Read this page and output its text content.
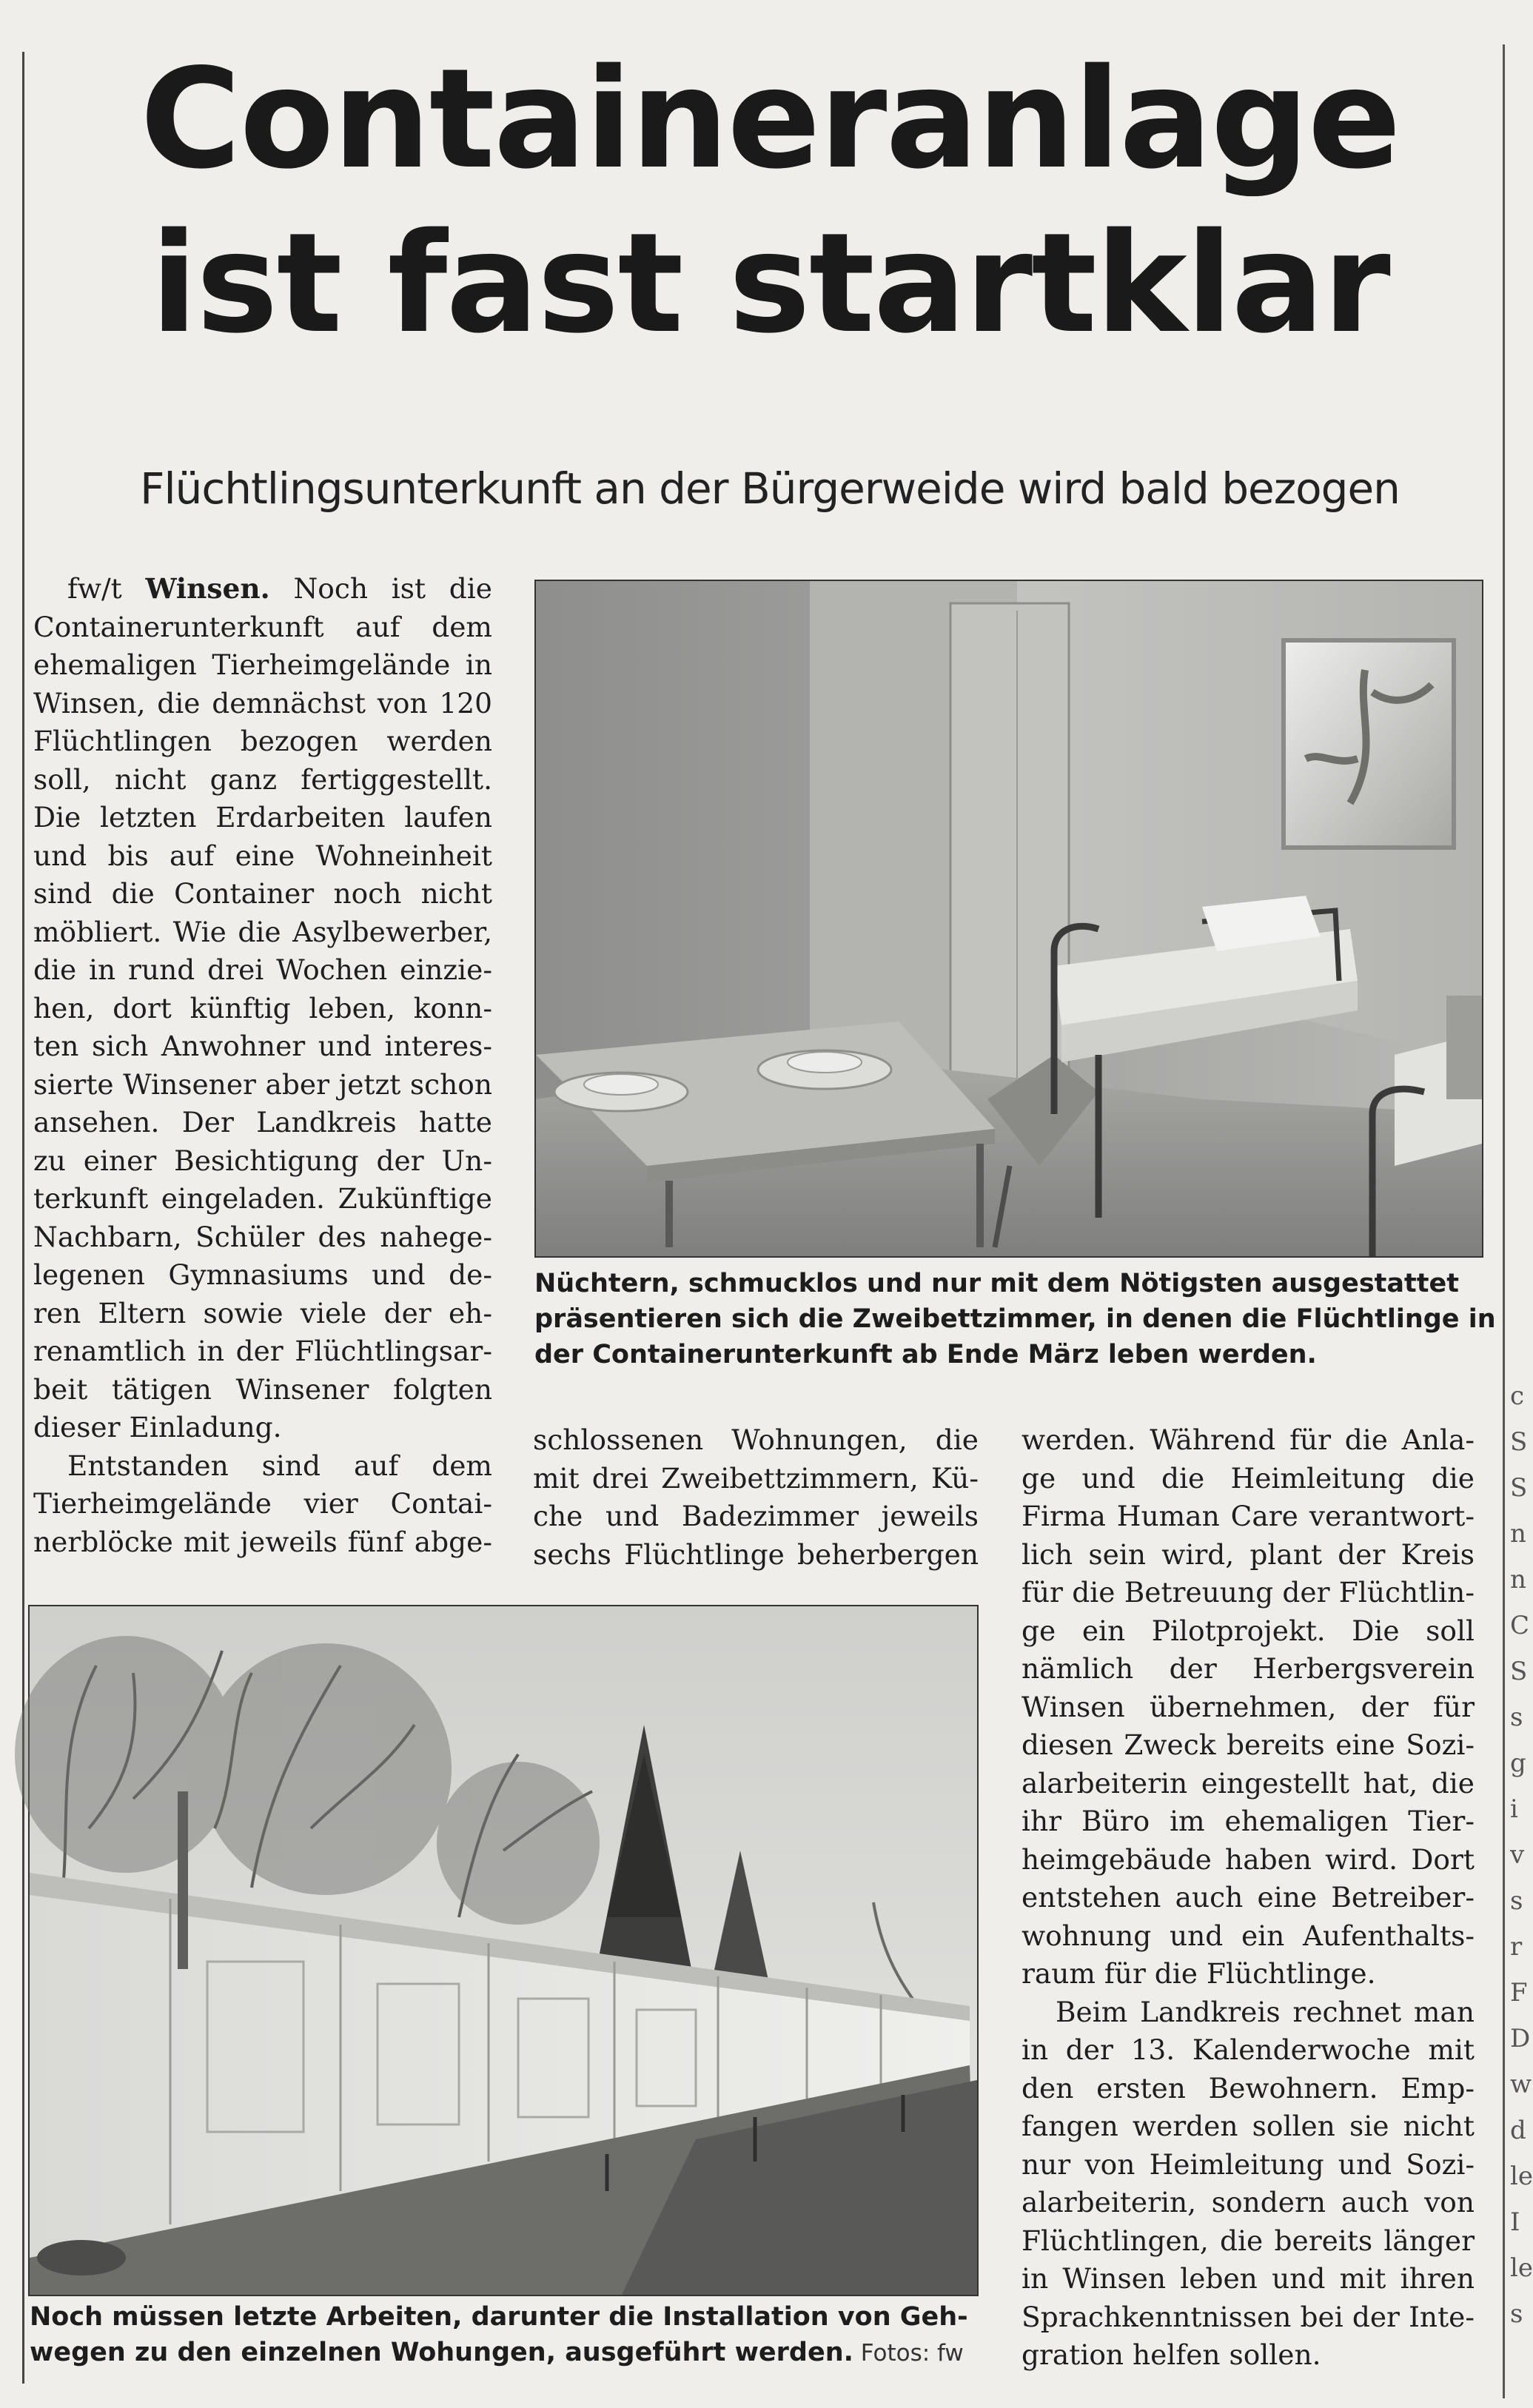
c
S
S
n
n
C
S
s
g
i
v
s
r
F
D
w
d
le
I
le
s
Containeranlage
ist fast startklar
Flüchtlingsunterkunft an der Bürgerweide wird bald bezogen
fw/t Winsen. Noch ist die
Containerunterkunft auf dem
ehemaligen Tierheimgelände in
Winsen, die demnächst von 120
Flüchtlingen bezogen werden
soll, nicht ganz fertiggestellt.
Die letzten Erdarbeiten laufen
und bis auf eine Wohneinheit
sind die Container noch nicht
möbliert. Wie die Asylbewerber,
die in rund drei Wochen einzie-
hen, dort künftig leben, konn-
ten sich Anwohner und interes-
sierte Winsener aber jetzt schon
ansehen. Der Landkreis hatte
zu einer Besichtigung der Un-
terkunft eingeladen. Zukünftige
Nachbarn, Schüler des nahege-
legenen Gymnasiums und de-
ren Eltern sowie viele der eh-
renamtlich in der Flüchtlingsar-
beit tätigen Winsener folgten
dieser Einladung.
Entstanden sind auf dem
Tierheimgelände vier Contai-
nerblöcke mit jeweils fünf abge-
Nüchtern, schmucklos und nur mit dem Nötigsten ausgestattet
präsentieren sich die Zweibettzimmer, in denen die Flüchtlinge in
der Containerunterkunft ab Ende März leben werden.
schlossenen Wohnungen, die
mit drei Zweibettzimmern, Kü-
che und Badezimmer jeweils
sechs Flüchtlinge beherbergen
werden. Während für die Anla-
ge und die Heimleitung die
Firma Human Care verantwort-
lich sein wird, plant der Kreis
für die Betreuung der Flüchtlin-
ge ein Pilotprojekt. Die soll
nämlich der Herbergsverein
Winsen übernehmen, der für
diesen Zweck bereits eine Sozi-
alarbeiterin eingestellt hat, die
ihr Büro im ehemaligen Tier-
heimgebäude haben wird. Dort
entstehen auch eine Betreiber-
wohnung und ein Aufenthalts-
raum für die Flüchtlinge.
Beim Landkreis rechnet man
in der 13. Kalenderwoche mit
den ersten Bewohnern. Emp-
fangen werden sollen sie nicht
nur von Heimleitung und Sozi-
alarbeiterin, sondern auch von
Flüchtlingen, die bereits länger
in Winsen leben und mit ihren
Sprachkenntnissen bei der Inte-
gration helfen sollen.
Noch müssen letzte Arbeiten, darunter die Installation von Geh-
wegen zu den einzelnen Wohungen, ausgeführt werden. Fotos: fw
